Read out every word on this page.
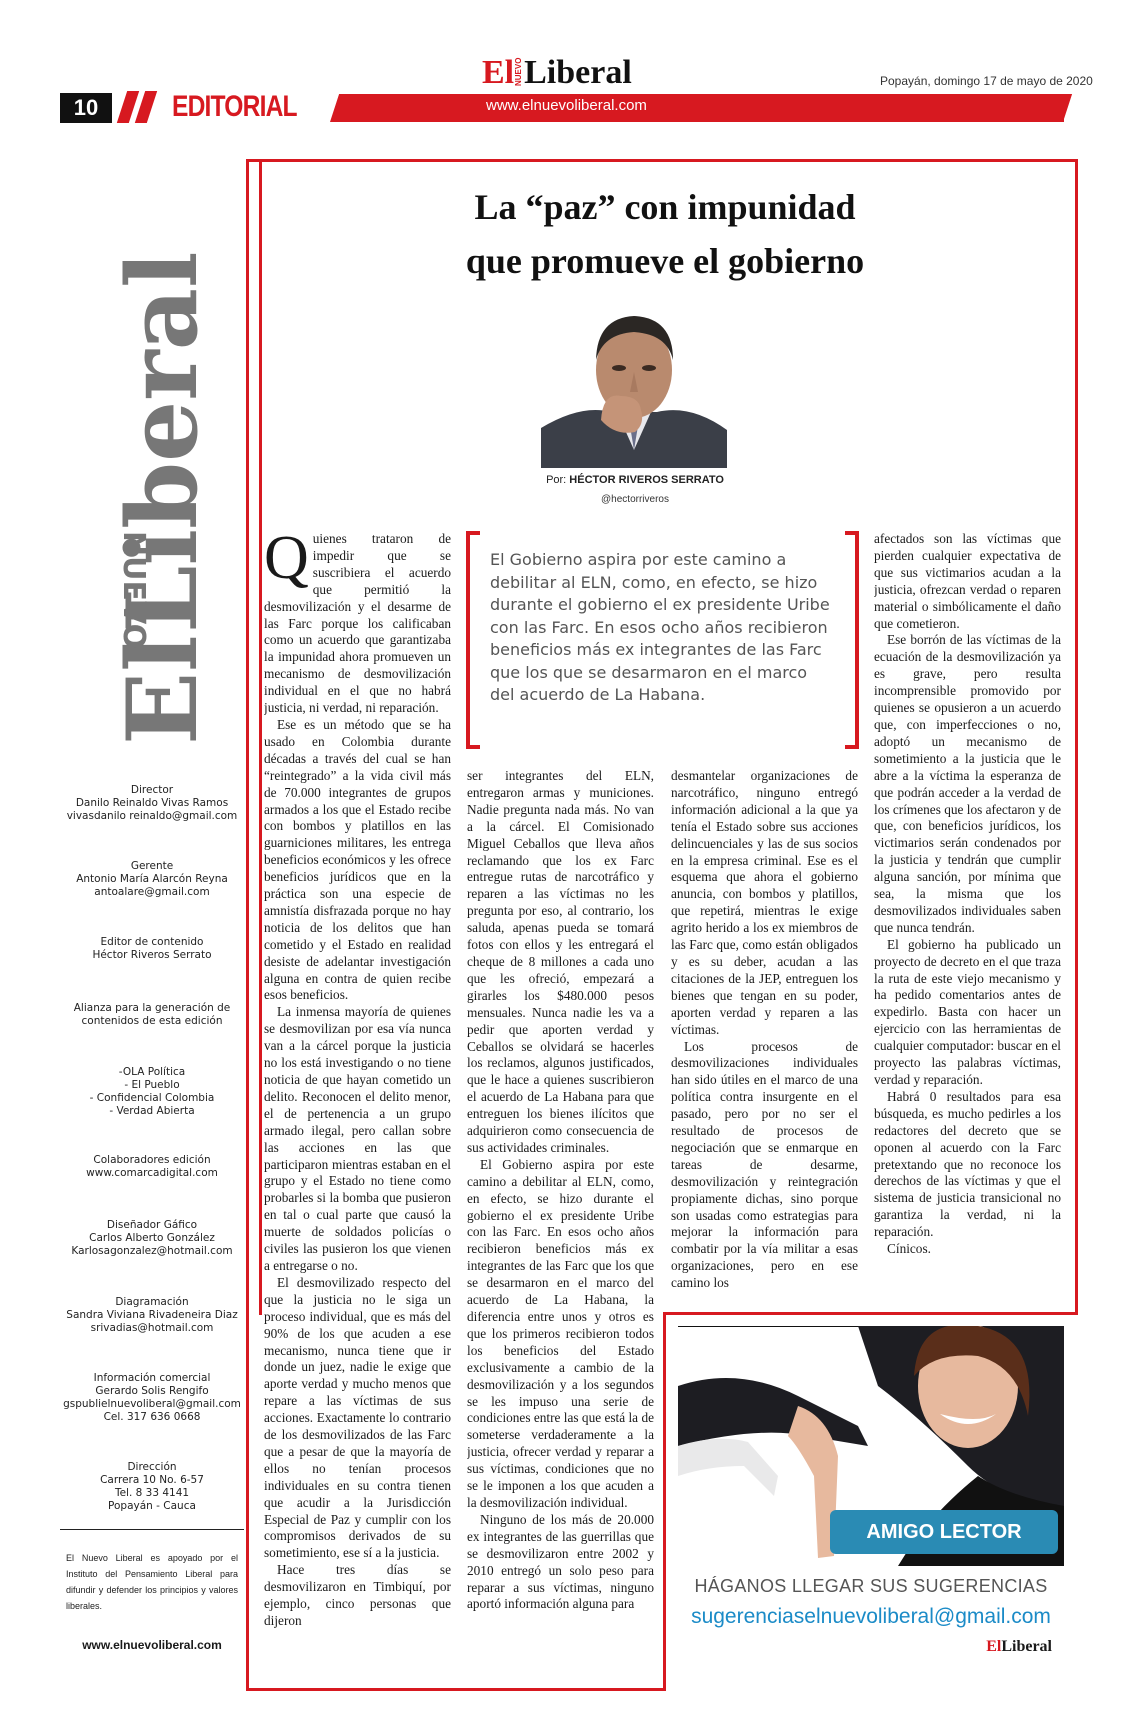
10	EDITORIAL	www.elnuevoliberal.com
ElNUEVOLiberal	Popayán, domingo 17 de mayo de 2020
El
NUEVO
Liberal
Director
Danilo Reinaldo Vivas Ramos
vivasdanilo reinaldo@gmail.com
Gerente
Antonio María Alarcón Reyna
antoalare@gmail.com
Editor de contenido
Héctor Riveros Serrato
Alianza para la generación de
contenidos de esta edición
-OLA Política
- El Pueblo
- Confidencial Colombia
- Verdad Abierta
Colaboradores edición
www.comarcadigital.com
Diseñador Gáfico
Carlos Alberto González
Karlosagonzalez@hotmail.com
Diagramación
Sandra Viviana Rivadeneira Diaz
srivadias@hotmail.com
Información comercial
Gerardo Solis Rengifo
gspublielnuevoliberal@gmail.com
Cel. 317 636 0668
Dirección
Carrera 10 No. 6-57
Tel. 8 33 4141
Popayán - Cauca
El Nuevo Liberal es apoyado por el Instituto del Pensamiento Liberal para difundir y defender los principios y valores liberales.
www.elnuevoliberal.com
La “paz” con impunidad
que promueve el gobierno
Por: HÉCTOR RIVEROS SERRATO
@hectorriveros
El Gobierno aspira por este camino a debilitar al ELN, como, en efecto, se hizo durante el gobierno el ex presidente Uribe con las Farc. En esos ocho años recibieron beneficios más ex integrantes de las Farc que los que se desarmaron en el marco del acuerdo de La Habana.

Quienes trataron de impedir que se suscribiera el acuerdo que permitió la desmovilización y el desarme de las Farc porque los calificaban como un acuerdo que garantizaba la impunidad ahora promueven un mecanismo de desmovilización individual en el que no habrá justicia, ni verdad, ni reparación.

Ese es un método que se ha usado en Colombia durante décadas a través del cual se han “reintegrado” a la vida civil más de 70.000 integrantes de grupos armados a los que el Estado recibe con bombos y platillos en las guarniciones militares, les entrega beneficios económicos y les ofrece beneficios jurídicos que en la práctica son una especie de amnistía disfrazada porque no hay noticia de los delitos que han cometido y el Estado en realidad desiste de adelantar investigación alguna en contra de quien recibe esos beneficios.

La inmensa mayoría de quienes se desmovilizan por esa vía nunca van a la cárcel porque la justicia no los está investigando o no tiene noticia de que hayan cometido un delito. Reconocen el delito menor, el de pertenencia a un grupo armado ilegal, pero callan sobre las acciones en las que participaron mientras estaban en el grupo y el Estado no tiene como probarles si la bomba que pusieron en tal o cual parte que causó la muerte de soldados policías o civiles las pusieron los que vienen a entregarse o no.

El desmovilizado respecto del que la justicia no le siga un proceso individual, que es más del 90% de los que acuden a ese mecanismo, nunca tiene que ir donde un juez, nadie le exige que aporte verdad y mucho menos que repare a las víctimas de sus acciones. Exactamente lo contrario de los desmovilizados de las Farc que a pesar de que la mayoría de ellos no tenían procesos individuales en su contra tienen que acudir a la Jurisdicción Especial de Paz y cumplir con los compromisos derivados de su sometimiento, ese sí a la justicia.

Hace tres días se desmovilizaron en Timbiquí, por ejemplo, cinco personas que dijeron

ser integrantes del ELN, entregaron armas y municiones. Nadie pregunta nada más. No van a la cárcel. El Comisionado Miguel Ceballos que lleva años reclamando que los ex Farc entregue rutas de narcotráfico y reparen a las víctimas no les pregunta por eso, al contrario, los saluda, apenas pueda se tomará fotos con ellos y les entregará el cheque de 8 millones a cada uno que les ofreció, empezará a girarles los $480.000 pesos mensuales. Nunca nadie les va a pedir que aporten verdad y Ceballos se olvidará se hacerles los reclamos, algunos justificados, que le hace a quienes suscribieron el acuerdo de La Habana para que entreguen los bienes ilícitos que adquirieron como consecuencia de sus actividades criminales.

El Gobierno aspira por este camino a debilitar al ELN, como, en efecto, se hizo durante el gobierno el ex presidente Uribe con las Farc. En esos ocho años recibieron beneficios más ex integrantes de las Farc que los que se desarmaron en el marco del acuerdo de La Habana, la diferencia entre unos y otros es que los primeros recibieron todos los beneficios del Estado exclusivamente a cambio de la desmovilización y a los segundos se les impuso una serie de condiciones entre las que está la de someterse verdaderamente a la justicia, ofrecer verdad y reparar a sus víctimas, condiciones que no se le imponen a los que acuden a la desmovilización individual.

Ninguno de los más de 20.000 ex integrantes de las guerrillas que se desmovilizaron entre 2002 y 2010 entregó un solo peso para reparar a sus víctimas, ninguno aportó información alguna para

desmantelar organizaciones de narcotráfico, ninguno entregó información adicional a la que ya tenía el Estado sobre sus acciones delincuenciales y las de sus socios en la empresa criminal. Ese es el esquema que ahora el gobierno anuncia, con bombos y platillos, que repetirá, mientras le exige agrito herido a los ex miembros de las Farc que, como están obligados y es su deber, acudan a las citaciones de la JEP, entreguen los bienes que tengan en su poder, aporten verdad y reparen a las víctimas.

Los procesos de desmovilizaciones individuales han sido útiles en el marco de una política contra insurgente en el pasado, pero por no ser el resultado de procesos de negociación que se enmarque en tareas de desarme, desmovilización y reintegración propiamente dichas, sino porque son usadas como estrategias para mejorar la información para combatir por la vía militar a esas organizaciones, pero en ese camino los

afectados son las víctimas que pierden cualquier expectativa de que sus victimarios acudan a la justicia, ofrezcan verdad o reparen material o simbólicamente el daño que cometieron.

Ese borrón de las víctimas de la ecuación de la desmovilización ya es grave, pero resulta incomprensible promovido por quienes se opusieron a un acuerdo que, con imperfecciones o no, adoptó un mecanismo de sometimiento a la justicia que le abre a la víctima la esperanza de que podrán acceder a la verdad de los crímenes que los afectaron y de que, con beneficios jurídicos, los victimarios serán condenados por la justicia y tendrán que cumplir alguna sanción, por mínima que sea, la misma que los desmovilizados individuales saben que nunca tendrán.

El gobierno ha publicado un proyecto de decreto en el que traza la ruta de este viejo mecanismo y ha pedido comentarios antes de expedirlo. Basta con hacer un ejercicio con las herramientas de cualquier computador: buscar en el proyecto las palabras víctimas, verdad y reparación.

Habrá 0 resultados para esa búsqueda, es mucho pedirles a los redactores del decreto que se oponen al acuerdo con la Farc pretextando que no reconoce los derechos de las víctimas y que el sistema de justicia transicional no garantiza la verdad, ni la reparación.

Cínicos.

AMIGO LECTOR
HÁGANOS LLEGAR SUS SUGERENCIAS
sugerenciaselnuevoliberal@gmail.com
ElLiberal
